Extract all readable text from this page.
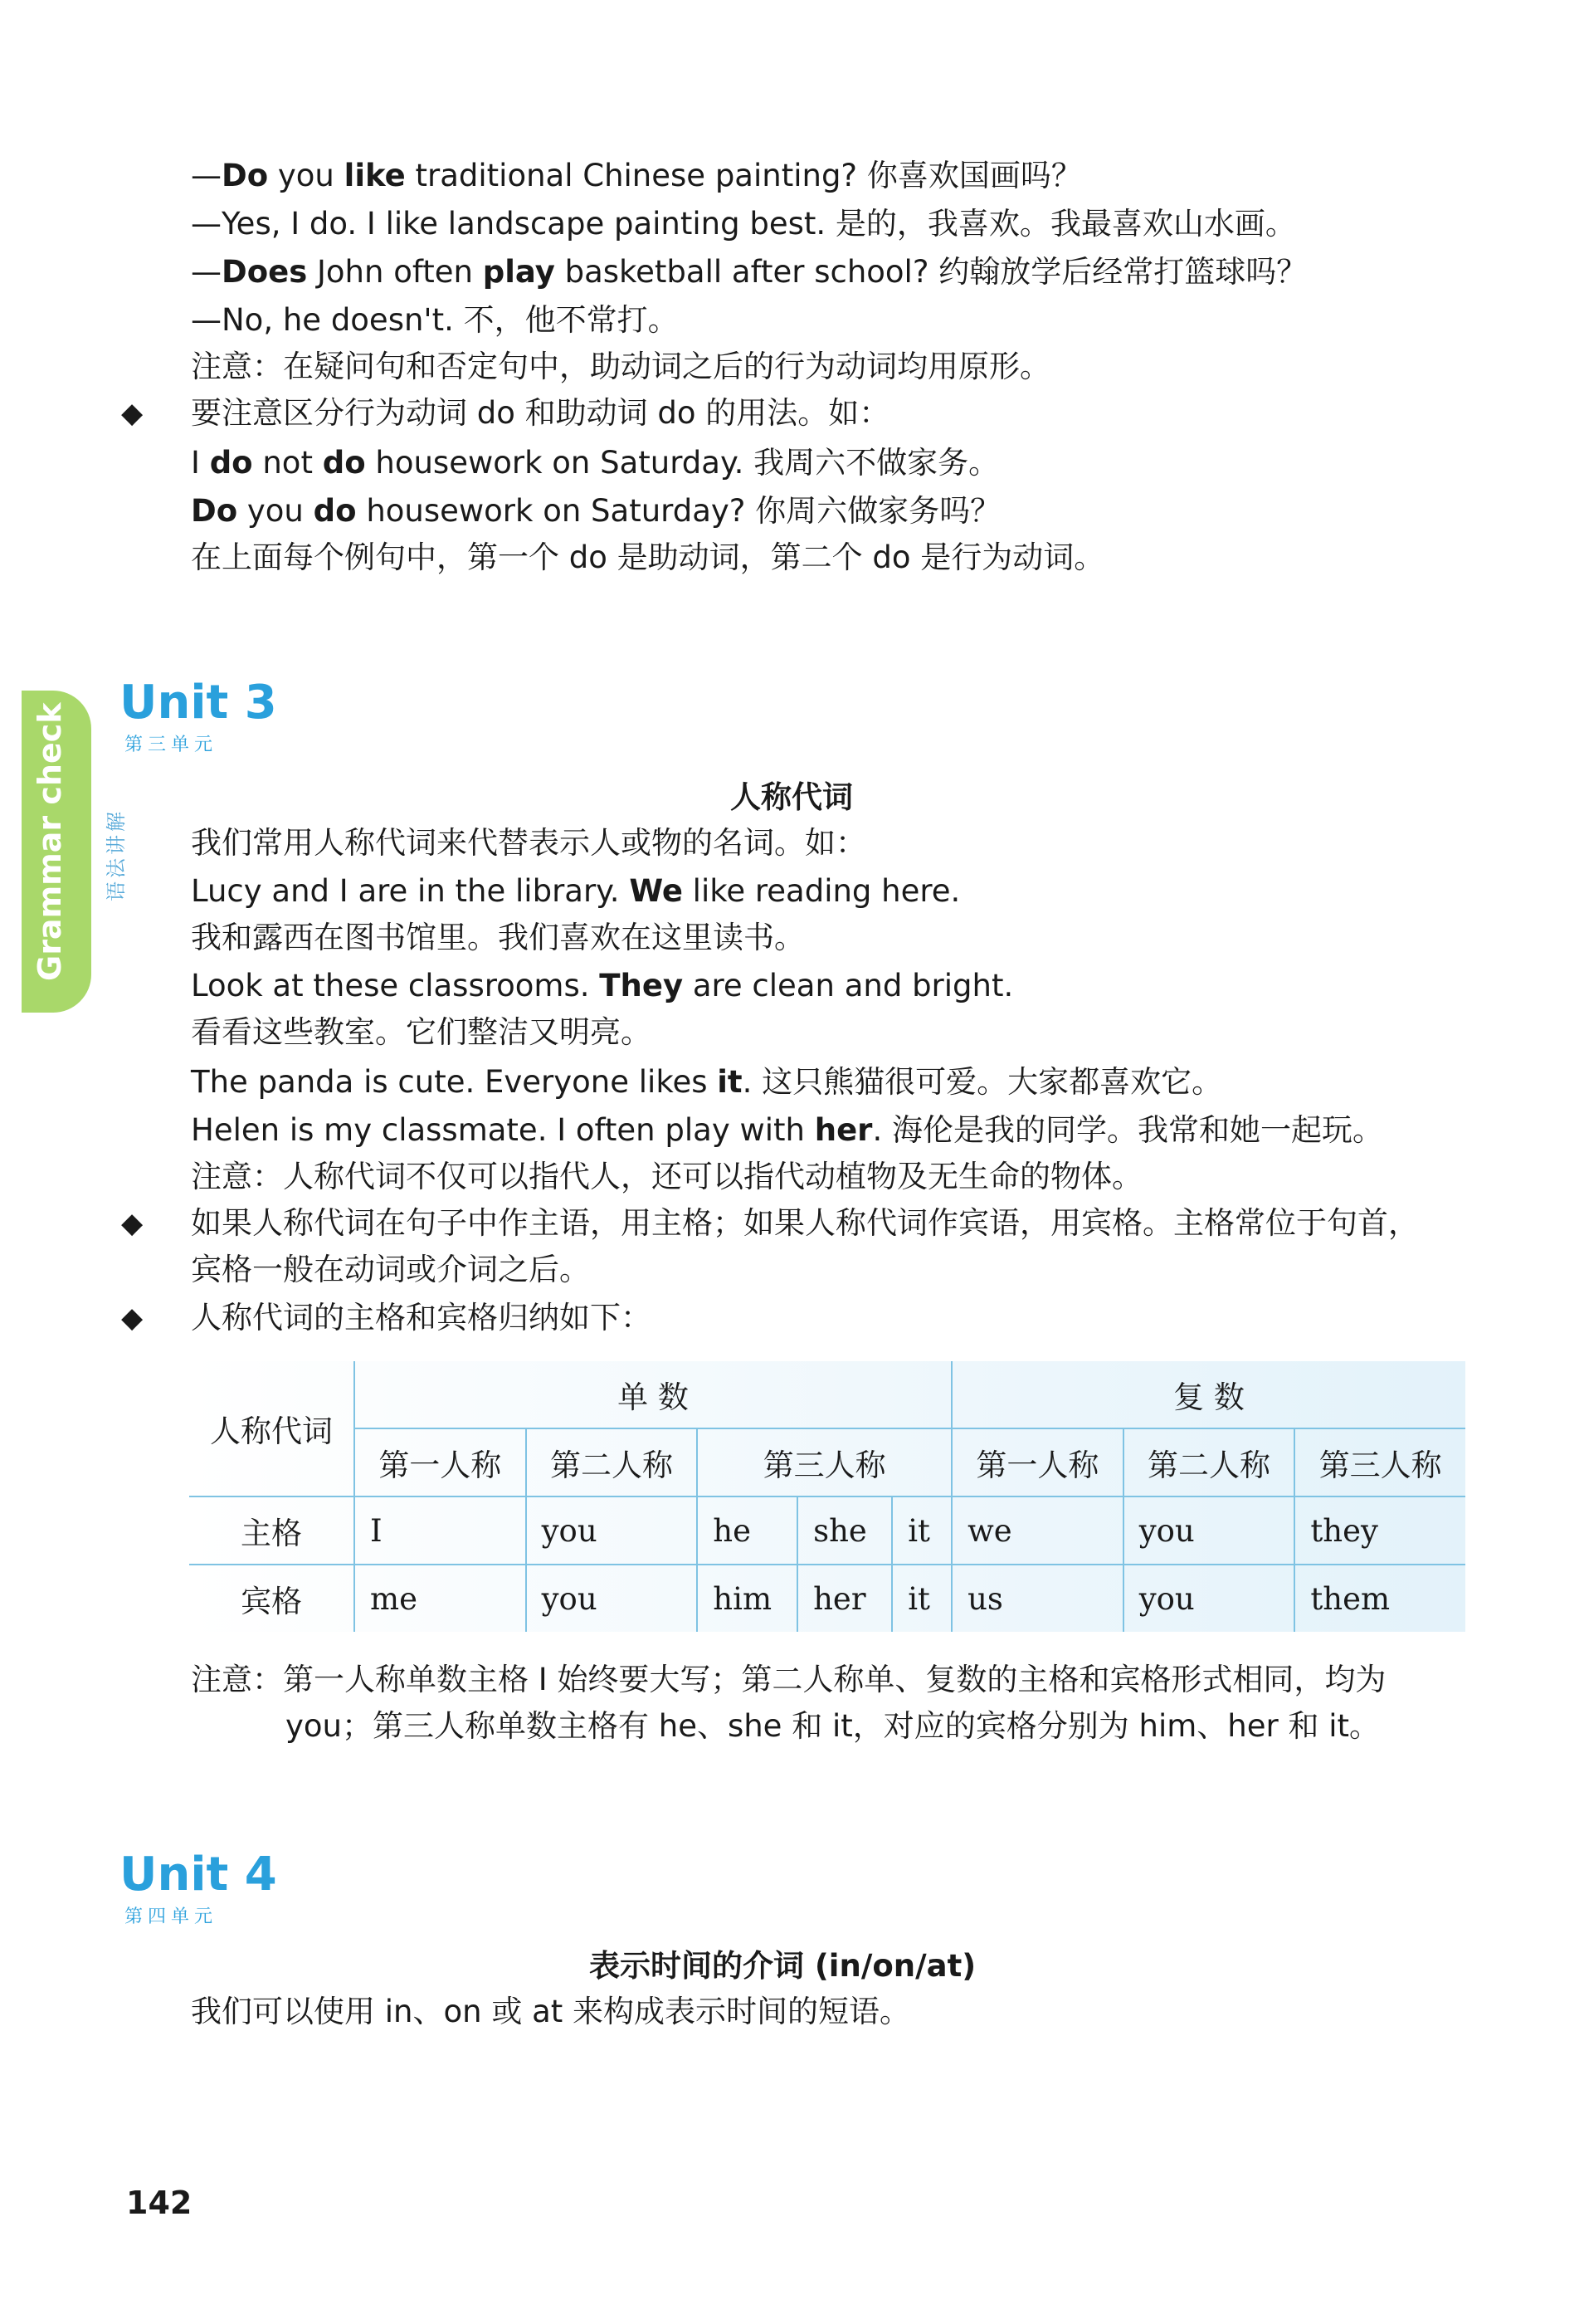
—Do you like traditional Chinese painting? 你喜欢国画吗？
—Yes, I do. I like landscape painting best. 是的，我喜欢。我最喜欢山水画。
—Does John often play basketball after school? 约翰放学后经常打篮球吗？
—No, he doesn't. 不，他不常打。
注意：在疑问句和否定句中，助动词之后的行为动词均用原形。
◆ 要注意区分行为动词 do 和助动词 do 的用法。如：
I do not do housework on Saturday. 我周六不做家务。
Do you do housework on Saturday? 你周六做家务吗？
在上面每个例句中，第一个 do 是助动词，第二个 do 是行为动词。
Grammar check 语法讲解
Unit 3
第三单元
人称代词
我们常用人称代词来代替表示人或物的名词。如：
Lucy and I are in the library. We like reading here.
我和露西在图书馆里。我们喜欢在这里读书。
Look at these classrooms. They are clean and bright.
看看这些教室。它们整洁又明亮。
The panda is cute. Everyone likes it. 这只熊猫很可爱。大家都喜欢它。
Helen is my classmate. I often play with her. 海伦是我的同学。我常和她一起玩。
注意：人称代词不仅可以指代人，还可以指代动植物及无生命的物体。
◆ 如果人称代词在句子中作主语，用主格；如果人称代词作宾语，用宾格。主格常位于句首，
宾格一般在动词或介词之后。
◆ 人称代词的主格和宾格归纳如下：
人称代词	单 数					复 数		
	第一人称	第二人称	第三人称			第一人称	第二人称	第三人称
主格	I	you	he	she	it	we	you	they
宾格	me	you	him	her	it	us	you	them
注意：第一人称单数主格 I 始终要大写；第二人称单、复数的主格和宾格形式相同，均为
you；第三人称单数主格有 he、she 和 it，对应的宾格分别为 him、her 和 it。
Unit 4
第四单元
表示时间的介词 (in/on/at)
我们可以使用 in、on 或 at 来构成表示时间的短语。
142
